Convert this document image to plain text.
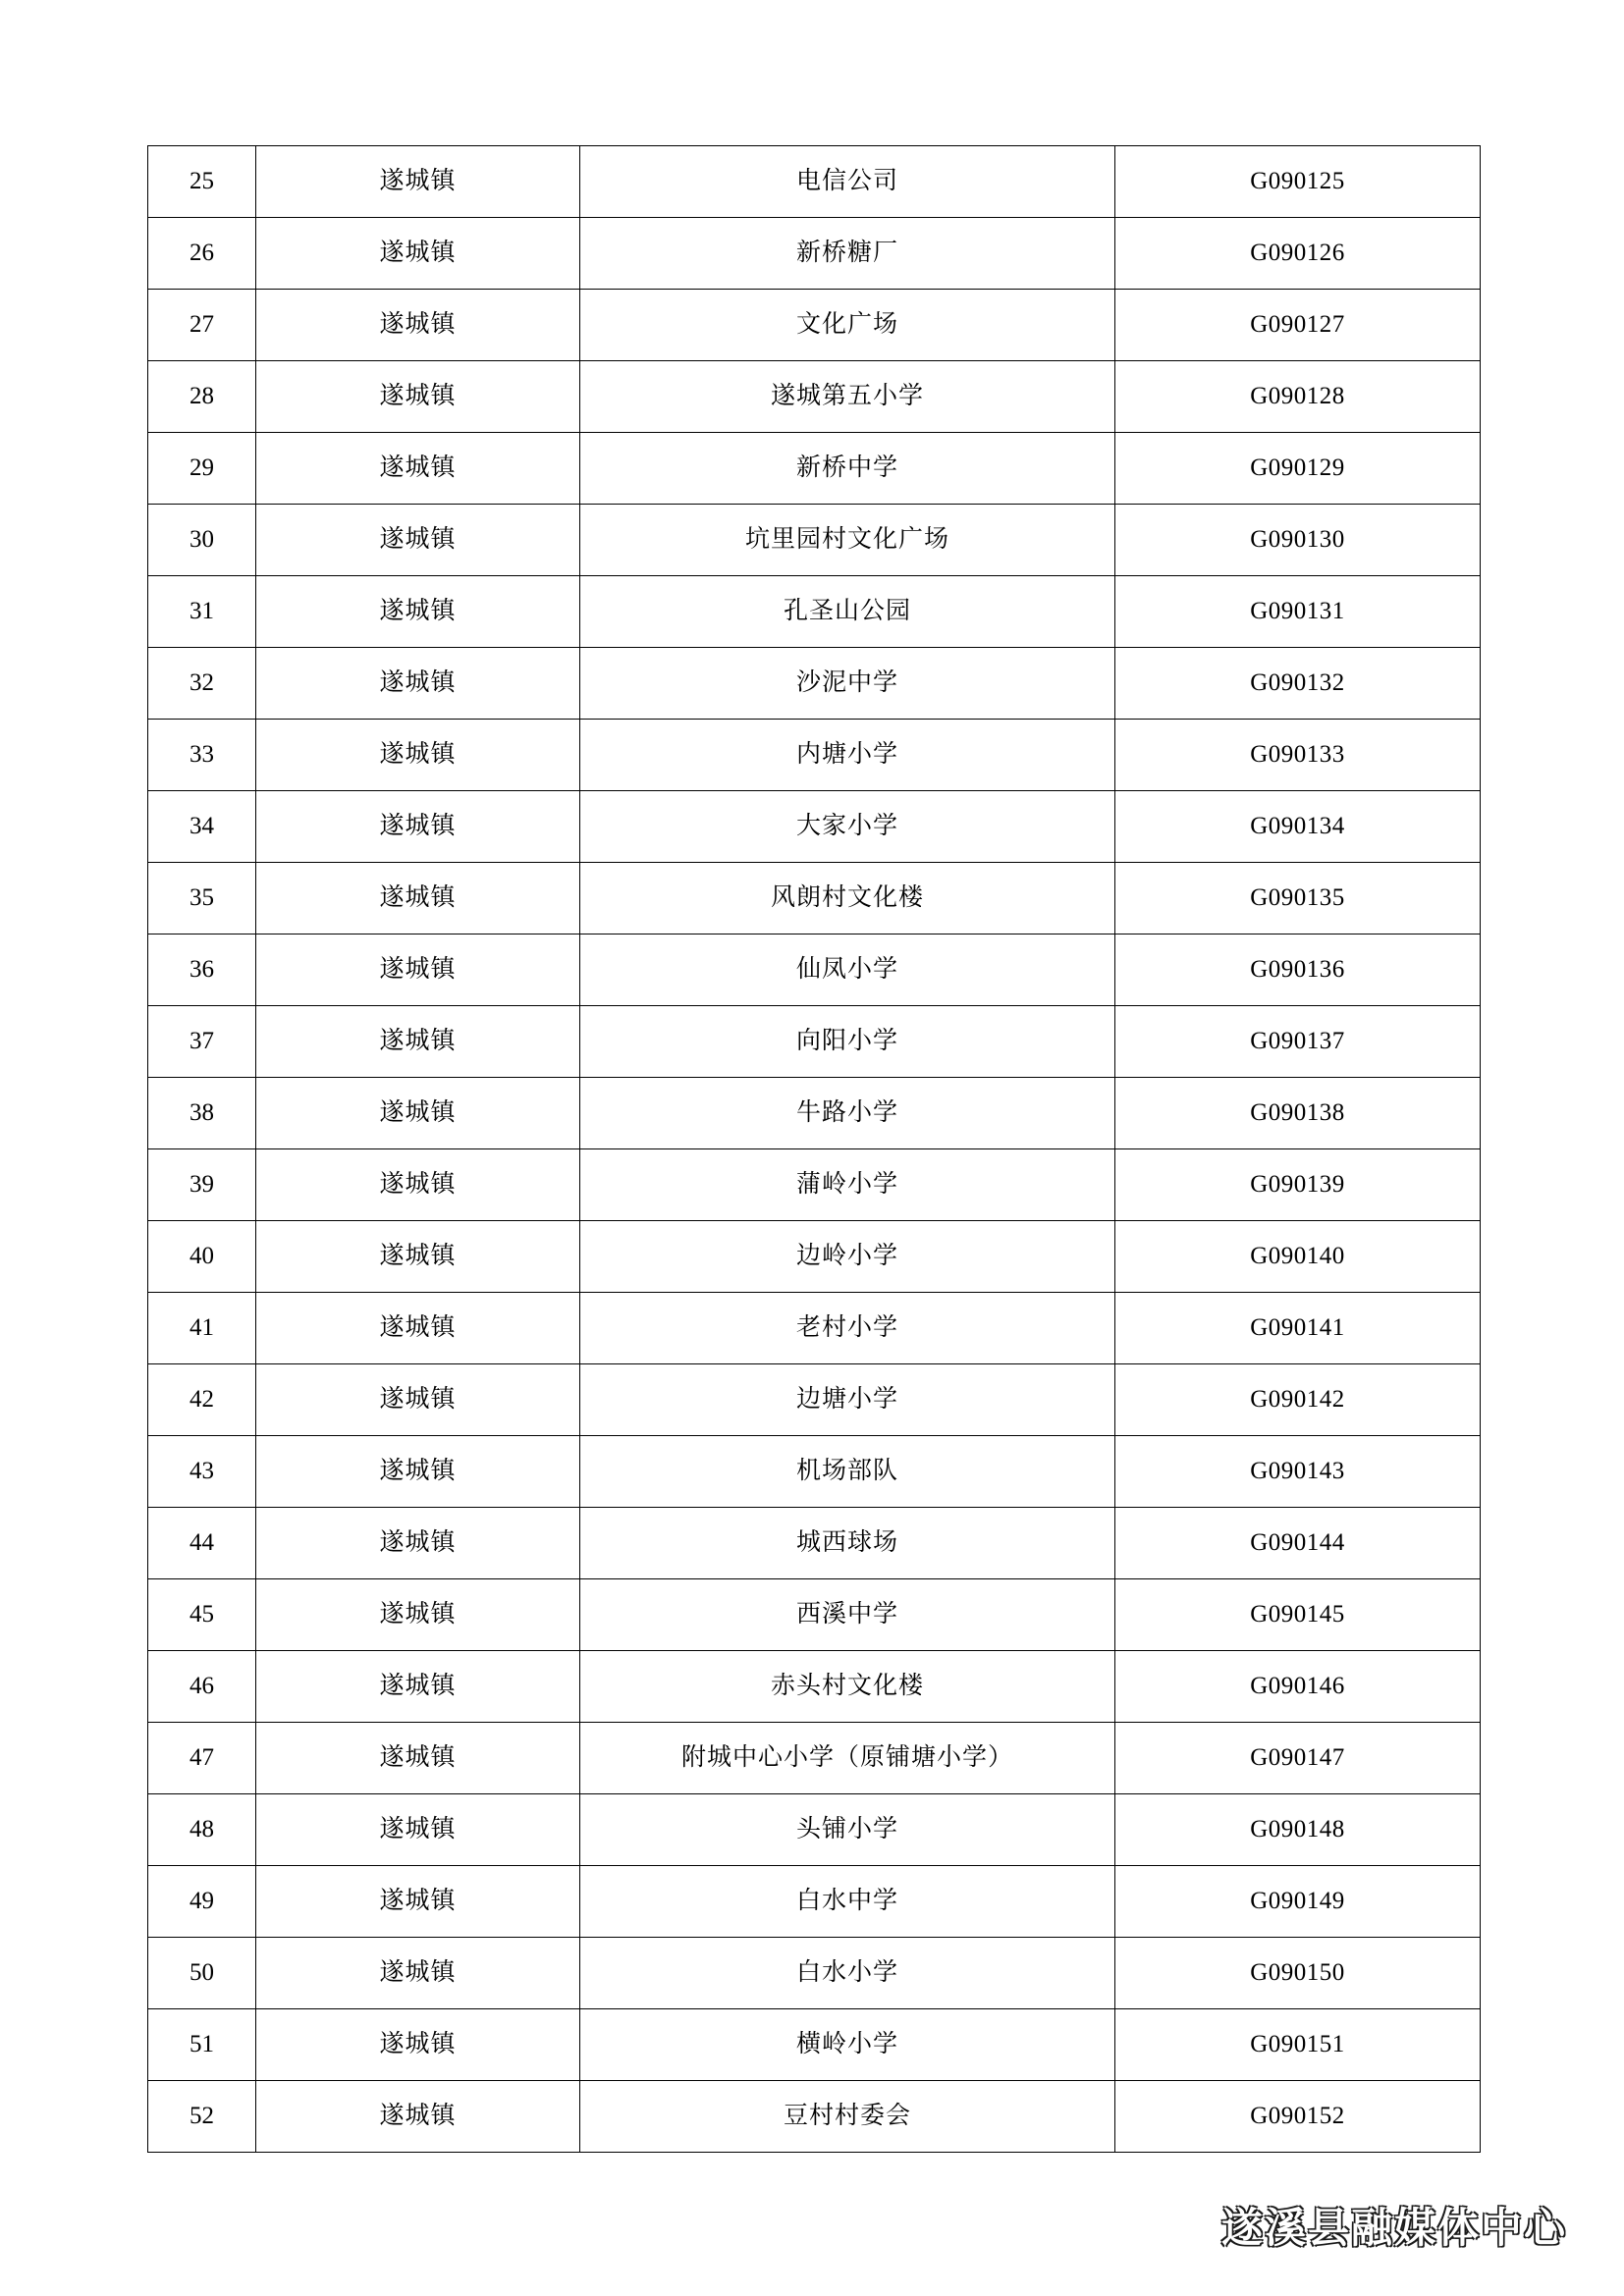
25	遂城镇	电信公司	G090125
26	遂城镇	新桥糖厂	G090126
27	遂城镇	文化广场	G090127
28	遂城镇	遂城第五小学	G090128
29	遂城镇	新桥中学	G090129
30	遂城镇	坑里园村文化广场	G090130
31	遂城镇	孔圣山公园	G090131
32	遂城镇	沙泥中学	G090132
33	遂城镇	内塘小学	G090133
34	遂城镇	大家小学	G090134
35	遂城镇	风朗村文化楼	G090135
36	遂城镇	仙凤小学	G090136
37	遂城镇	向阳小学	G090137
38	遂城镇	牛路小学	G090138
39	遂城镇	蒲岭小学	G090139
40	遂城镇	边岭小学	G090140
41	遂城镇	老村小学	G090141
42	遂城镇	边塘小学	G090142
43	遂城镇	机场部队	G090143
44	遂城镇	城西球场	G090144
45	遂城镇	西溪中学	G090145
46	遂城镇	赤头村文化楼	G090146
47	遂城镇	附城中心小学（原铺塘小学）	G090147
48	遂城镇	头铺小学	G090148
49	遂城镇	白水中学	G090149
50	遂城镇	白水小学	G090150
51	遂城镇	横岭小学	G090151
52	遂城镇	豆村村委会	G090152
遂溪县融媒体中心
